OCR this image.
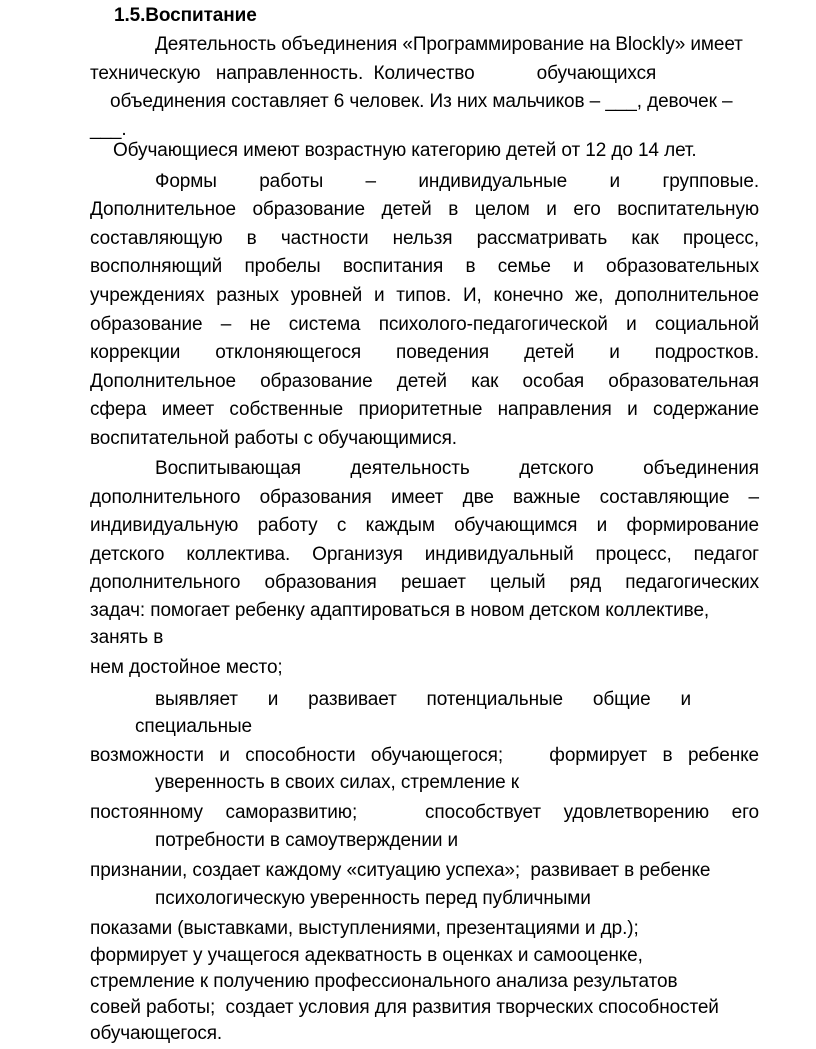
1.5.Воспитание
Деятельность объединения «Программирование на Blockly» имеет
техническую   направленность.  Количество            обучающихся
объединения составляет 6 человек. Из них мальчиков – ___, девочек –
___.
Обучающиеся имеют возрастную категорию детей от 12 до 14 лет.
Формы работы – индивидуальные и групповые.
Дополнительное образование детей в целом и его воспитательную
составляющую в частности нельзя рассматривать как процесс,
восполняющий пробелы воспитания в семье и образовательных
учреждениях разных уровней и типов. И, конечно же, дополнительное
образование – не система психолого-педагогической и социальной
коррекции отклоняющегося поведения детей и подростков.
Дополнительное образование детей как особая образовательная
сфера имеет собственные приоритетные направления и содержание
воспитательной работы с обучающимися.
Воспитывающая деятельность детского объединения
дополнительного образования имеет две важные составляющие –
индивидуальную работу с каждым обучающимся и формирование
детского коллектива. Организуя индивидуальный процесс, педагог
дополнительного образования решает целый ряд педагогических
задач: помогает ребенку адаптироваться в новом детском коллективе,
занять в
нем достойное место;
выявляет и развивает потенциальные общие и
специальные
возможности и способности обучающегося;   формирует в ребенке
уверенность в своих силах, стремление к
постоянному саморазвитию;   способствует удовлетворению его
потребности в самоутверждении и
признании, создает каждому «ситуацию успеха»;  развивает в ребенке
психологическую уверенность перед публичными
показами (выставками, выступлениями, презентациями и др.);
формирует у учащегося адекватность в оценках и самооценке,
стремление к получению профессионального анализа результатов
совей работы;  создает условия для развития творческих способностей
обучающегося.
